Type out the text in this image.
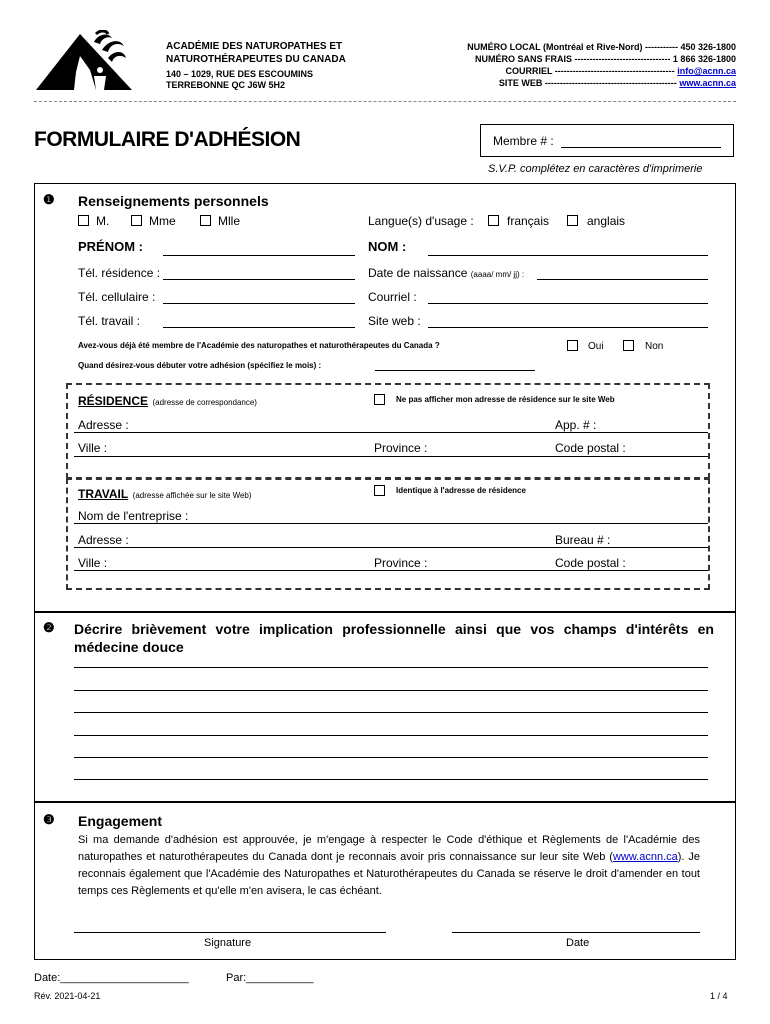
ACADÉMIE DES NATUROPATHES ET
NATUROTHÉRAPEUTES DU CANADA
140 – 1029, RUE DES ESCOUMINS
TERREBONNE QC J6W 5H2
NUMÉRO LOCAL (Montréal et Rive-Nord) ----------- 450 326-1800
NUMÉRO SANS FRAIS -------------------------------- 1 866 326-1800
COURRIEL ---------------------------------------- info@acnn.ca
SITE WEB -------------------------------------------- www.acnn.ca
FORMULAIRE D'ADHÉSION	Membre # :
S.V.P. complétez en caractères d'imprimerie
❶ Renseignements personnels
M.	Mme	Mlle	Langue(s) d'usage :	français	anglais
PRÉNOM :	NOM :
Tél. résidence :	Date de naissance (aaaa/ mm/ jj) :
Tél. cellulaire :	Courriel :
Tél. travail :	Site web :
Avez-vous déjà été membre de l'Académie des naturopathes et naturothérapeutes du Canada ?	Oui	Non
Quand désirez-vous débuter votre adhésion (spécifiez le mois) :
RÉSIDENCE (adresse de correspondance)	Ne pas afficher mon adresse de résidence sur le site Web
Adresse :	App. # :
Ville :	Province :	Code postal :
TRAVAIL (adresse affichée sur le site Web)
Identique à l'adresse de résidence
Nom de l'entreprise :
Adresse :	Bureau # :
Ville :	Province :	Code postal :
❷ Décrire brièvement votre implication professionnelle ainsi que vos champs d'intérêts en médecine douce
❸ Engagement
Si ma demande d'adhésion est approuvée, je m'engage à respecter le Code d'éthique et Règlements de l'Académie des naturopathes et naturothérapeutes du Canada dont je reconnais avoir pris connaissance sur leur site Web (www.acnn.ca). Je reconnais également que l'Académie des Naturopathes et Naturothérapeutes du Canada se réserve le droit d'amender en tout temps ces Règlements et qu'elle m'en avisera, le cas échéant.
Signature	Date
Date:_____________________	Par:___________
Rév. 2021-04-21	1 / 4
